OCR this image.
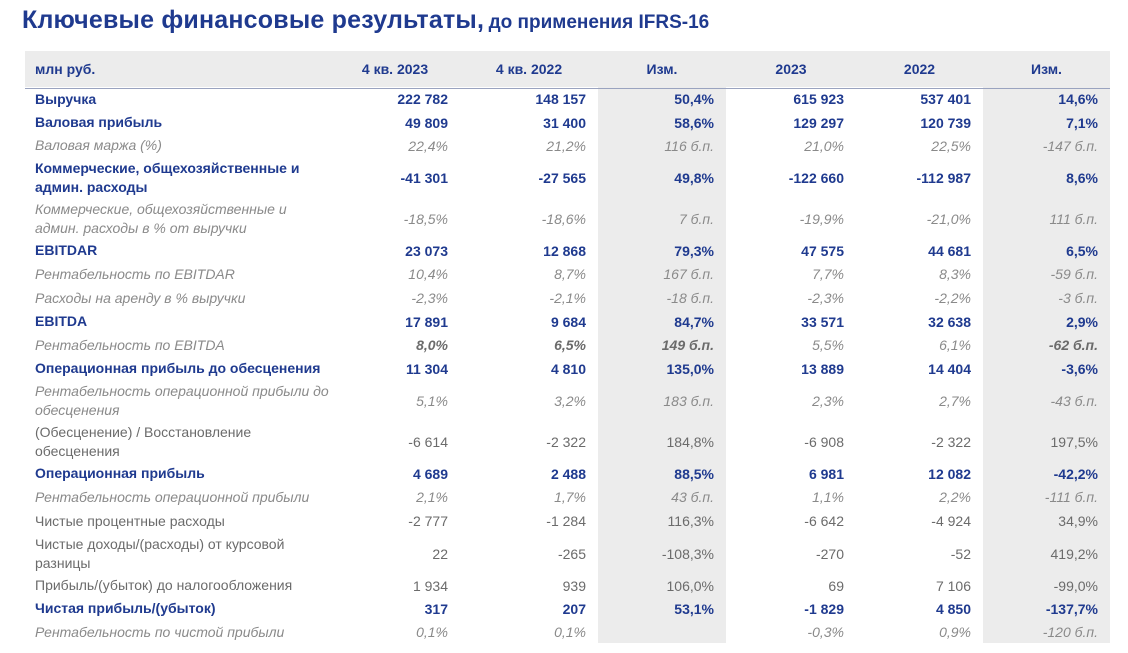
Ключевые финансовые результаты, до применения IFRS-16
млн руб.	4 кв. 2023	4 кв. 2022	Изм.	2023	2022	Изм.
Выручка	222 782	148 157	50,4%	615 923	537 401	14,6%
Валовая прибыль	49 809	31 400	58,6%	129 297	120 739	7,1%
Валовая маржа (%)	22,4%	21,2%	116 б.п.	21,0%	22,5%	-147 б.п.
Коммерческие, общехозяйственные и админ. расходы	-41 301	-27 565	49,8%	-122 660	-112 987	8,6%
Коммерческие, общехозяйственные и админ. расходы в % от выручки	-18,5%	-18,6%	7 б.п.	-19,9%	-21,0%	111 б.п.
EBITDAR	23 073	12 868	79,3%	47 575	44 681	6,5%
Рентабельность по EBITDAR	10,4%	8,7%	167 б.п.	7,7%	8,3%	-59 б.п.
Расходы на аренду в % выручки	-2,3%	-2,1%	-18 б.п.	-2,3%	-2,2%	-3 б.п.
EBITDA	17 891	9 684	84,7%	33 571	32 638	2,9%
Рентабельность по EBITDA	8,0%	6,5%	149 б.п.	5,5%	6,1%	-62 б.п.
Операционная прибыль до обесценения	11 304	4 810	135,0%	13 889	14 404	-3,6%
Рентабельность операционной прибыли до обесценения	5,1%	3,2%	183 б.п.	2,3%	2,7%	-43 б.п.
(Обесценение) / Восстановление обесценения	-6 614	-2 322	184,8%	-6 908	-2 322	197,5%
Операционная прибыль	4 689	2 488	88,5%	6 981	12 082	-42,2%
Рентабельность операционной прибыли	2,1%	1,7%	43 б.п.	1,1%	2,2%	-111 б.п.
Чистые процентные расходы	-2 777	-1 284	116,3%	-6 642	-4 924	34,9%
Чистые доходы/(расходы) от курсовой разницы	22	-265	-108,3%	-270	-52	419,2%
Прибыль/(убыток) до налогообложения	1 934	939	106,0%	69	7 106	-99,0%
Чистая прибыль/(убыток)	317	207	53,1%	-1 829	4 850	-137,7%
Рентабельность по чистой прибыли	0,1%	0,1%		-0,3%	0,9%	-120 б.п.
